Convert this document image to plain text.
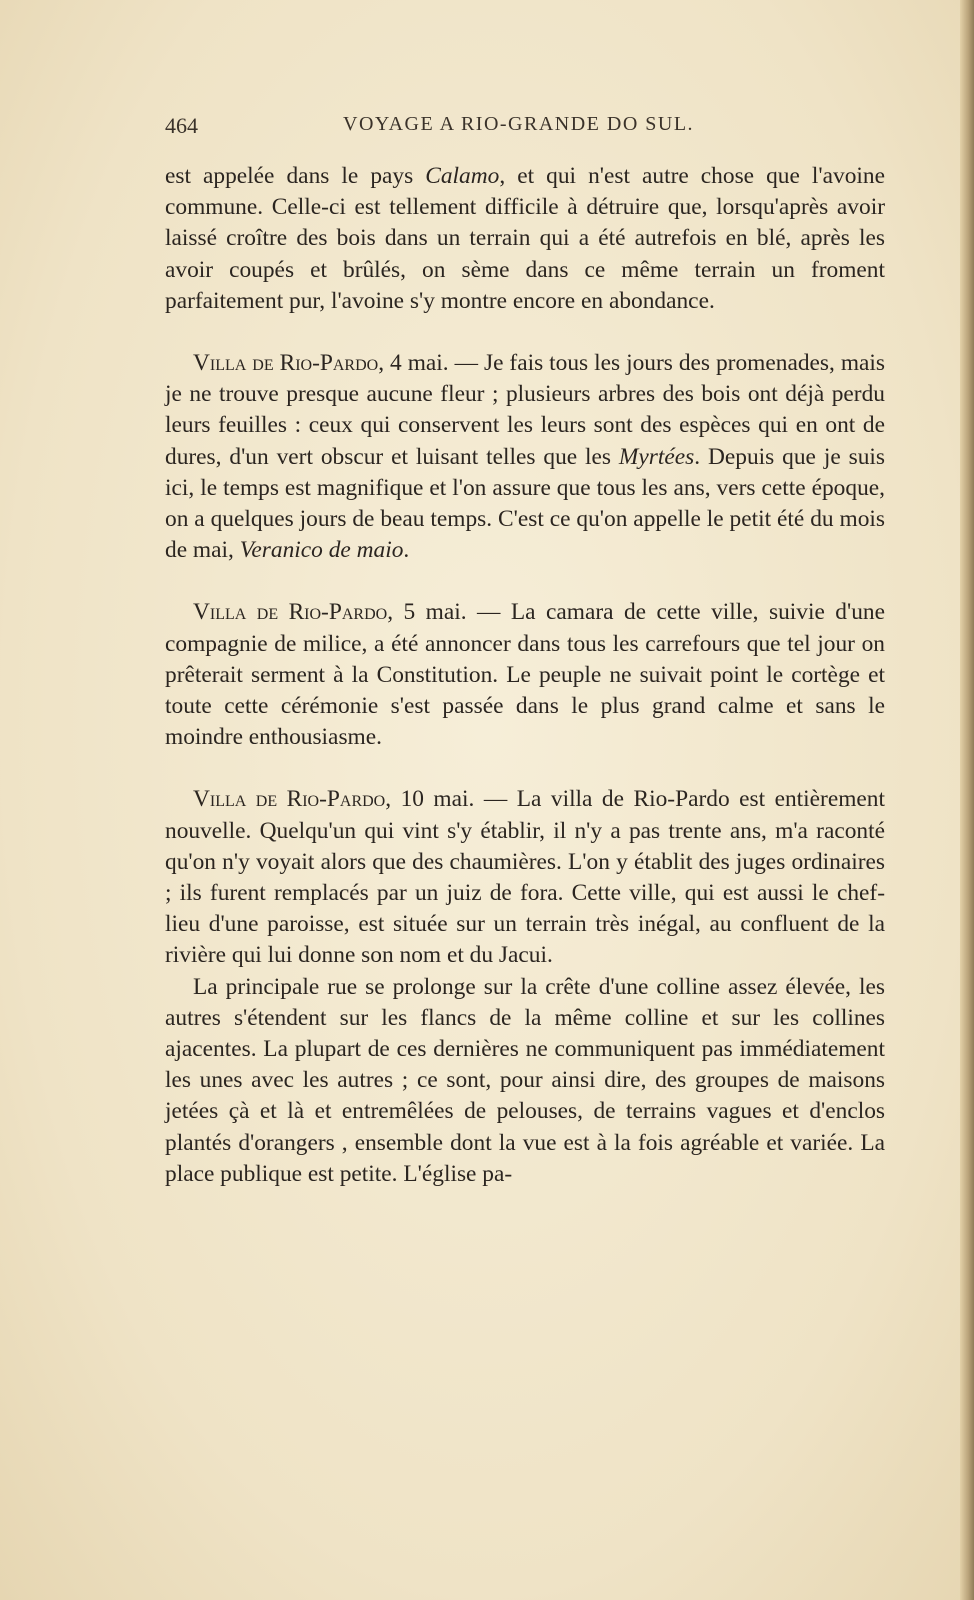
464	VOYAGE A RIO-GRANDE DO SUL.

est appelée dans le pays Calamo, et qui n'est autre chose que l'avoine commune. Celle-ci est tellement difficile à détruire que, lorsqu'après avoir laissé croître des bois dans un terrain qui a été autrefois en blé, après les avoir coupés et brûlés, on sème dans ce même terrain un froment parfaitement pur, l'avoine s'y montre encore en abondance.

Villa de Rio-Pardo, 4 mai. — Je fais tous les jours des promenades, mais je ne trouve presque aucune fleur ; plusieurs arbres des bois ont déjà perdu leurs feuilles : ceux qui conservent les leurs sont des espèces qui en ont de dures, d'un vert obscur et luisant telles que les Myrtées. Depuis que je suis ici, le temps est magnifique et l'on assure que tous les ans, vers cette époque, on a quelques jours de beau temps. C'est ce qu'on appelle le petit été du mois de mai, Veranico de maio.

Villa de Rio-Pardo, 5 mai. — La camara de cette ville, suivie d'une compagnie de milice, a été annoncer dans tous les carrefours que tel jour on prêterait serment à la Constitution. Le peuple ne suivait point le cortège et toute cette cérémonie s'est passée dans le plus grand calme et sans le moindre enthousiasme.

Villa de Rio-Pardo, 10 mai. — La villa de Rio-Pardo est entièrement nouvelle. Quelqu'un qui vint s'y établir, il n'y a pas trente ans, m'a raconté qu'on n'y voyait alors que des chaumières. L'on y établit des juges ordinaires ; ils furent remplacés par un juiz de fora. Cette ville, qui est aussi le chef-lieu d'une paroisse, est située sur un terrain très inégal, au confluent de la rivière qui lui donne son nom et du Jacui.

La principale rue se prolonge sur la crête d'une colline assez élevée, les autres s'étendent sur les flancs de la même colline et sur les collines ajacentes. La plupart de ces dernières ne communiquent pas immédiatement les unes avec les autres ; ce sont, pour ainsi dire, des groupes de maisons jetées çà et là et entremêlées de pelouses, de terrains vagues et d'enclos plantés d'orangers , ensemble dont la vue est à la fois agréable et variée. La place publique est petite. L'église pa-
